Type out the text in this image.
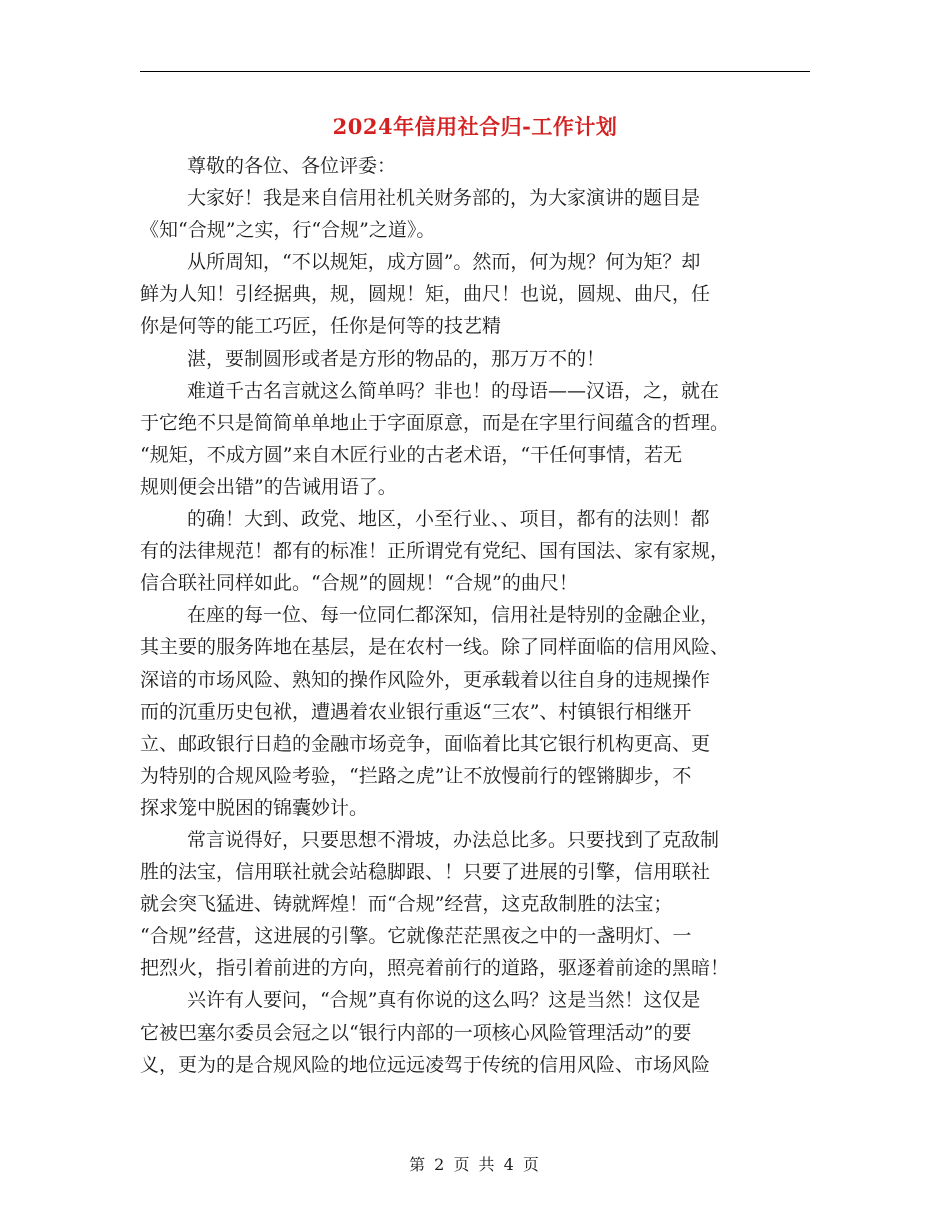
2024年信用社合归-工作计划
尊敬的各位、各位评委：
大家好！我是来自信用社机关财务部的，为大家演讲的题目是
《知“合规”之实，行“合规”之道》。
从所周知，“不以规矩，成方圆”。然而，何为规？何为矩？却
鲜为人知！引经据典，规，圆规！矩，曲尺！也说，圆规、曲尺，任
你是何等的能工巧匠，任你是何等的技艺精
湛，要制圆形或者是方形的物品的，那万万不的！
难道千古名言就这么简单吗？非也！的母语——汉语，之，就在
于它绝不只是简简单单地止于字面原意，而是在字里行间蕴含的哲理。
“规矩，不成方圆”来自木匠行业的古老术语，“干任何事情，若无
规则便会出错”的告诫用语了。
的确！大到、政党、地区，小至行业、、项目，都有的法则！都
有的法律规范！都有的标准！正所谓党有党纪、国有国法、家有家规，
信合联社同样如此。“合规”的圆规！“合规”的曲尺！
在座的每一位、每一位同仁都深知，信用社是特别的金融企业，
其主要的服务阵地在基层，是在农村一线。除了同样面临的信用风险、
深谙的市场风险、熟知的操作风险外，更承载着以往自身的违规操作
而的沉重历史包袱，遭遇着农业银行重返“三农”、村镇银行相继开
立、邮政银行日趋的金融市场竞争，面临着比其它银行机构更高、更
为特别的合规风险考验，“拦路之虎”让不放慢前行的铿锵脚步，不
探求笼中脱困的锦囊妙计。
常言说得好，只要思想不滑坡，办法总比多。只要找到了克敌制
胜的法宝，信用联社就会站稳脚跟、！只要了进展的引擎，信用联社
就会突飞猛进、铸就辉煌！而“合规”经营，这克敌制胜的法宝；
“合规”经营，这进展的引擎。它就像茫茫黑夜之中的一盏明灯、一
把烈火，指引着前进的方向，照亮着前行的道路，驱逐着前途的黑暗！
兴许有人要问，“合规”真有你说的这么吗？这是当然！这仅是
它被巴塞尔委员会冠之以“银行内部的一项核心风险管理活动”的要
义，更为的是合规风险的地位远远凌驾于传统的信用风险、市场风险
第 2 页 共 4 页
